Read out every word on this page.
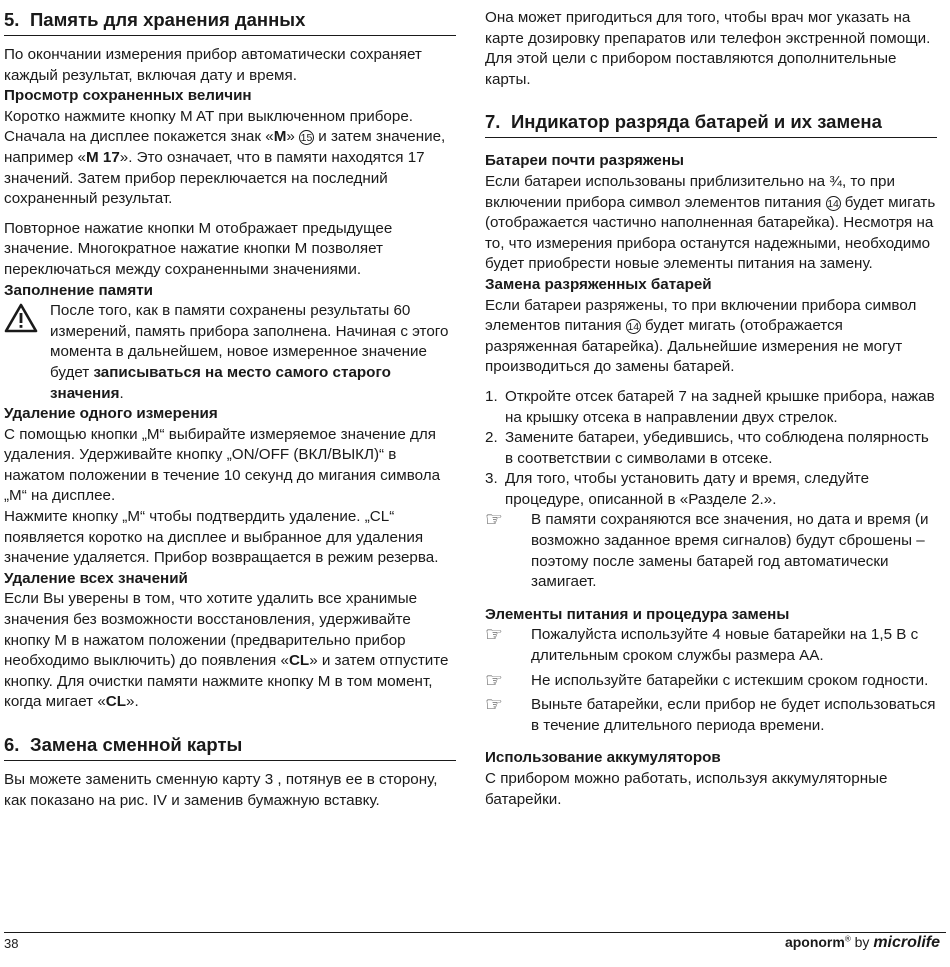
5. Память для хранения данных

По окончании измерения прибор автоматически сохраняет каждый результат, включая дату и время.

Просмотр сохраненных величин

Коротко нажмите кнопку M AT при выключенном приборе. Сначала на дисплее покажется знак «M» 15 и затем значение, например «M 17». Это означает, что в памяти находятся 17 значений. Затем прибор переключается на последний сохраненный результат.

Повторное нажатие кнопки М отображает предыдущее значение. Многократное нажатие кнопки М позволяет переключаться между сохраненными значениями.

Заполнение памяти

После того, как в памяти сохранены результаты 60 измерений, память прибора заполнена. Начиная с этого момента в дальнейшем, новое измеренное значение будет записываться на место самого старого значения.

Удаление одного измерения

С помощью кнопки „M“ выбирайте измеряемое значение для удаления. Удерживайте кнопку „ON/OFF (ВКЛ/ВЫКЛ)“ в нажатом положении в течение 10 секунд до мигания символа „M“ на дисплее.

Нажмите кнопку „M“ чтобы подтвердить удаление. „CL“ появляется коротко на дисплее и выбранное для удаления значение удаляется. Прибор возвращается в режим резерва.

Удаление всех значений

Если Вы уверены в том, что хотите удалить все хранимые значения без возможности восстановления, удерживайте кнопку М в нажатом положении (предварительно прибор необходимо выключить) до появления «CL» и затем отпустите кнопку. Для очистки памяти нажмите кнопку M в том момент, когда мигает «CL».

6. Замена сменной карты

Вы можете заменить сменную карту 3 , потянув ее в сторону, как показано на рис. IV и заменив бумажную вставку.

Она может пригодиться для того, чтобы врач мог указать на карте дозировку препаратов или телефон экстренной помощи. Для этой цели с прибором поставляются дополнительные карты.

7. Индикатор разряда батарей и их замена
Батареи почти разряжены

Если батареи использованы приблизительно на ¾, то при включении прибора символ элементов питания 14 будет мигать (отображается частично наполненная батарейка). Несмотря на то, что измерения прибора останутся надежными, необходимо будет приобрести новые элементы питания на замену.

Замена разряженных батарей

Если батареи разряжены, то при включении прибора символ элементов питания 14 будет мигать (отображается разряженная батарейка). Дальнейшие измерения не могут производиться до замены батарей.

1. Откройте отсек батарей 7 на задней крышке прибора, нажав на крышку отсека в направлении двух стрелок.
2. Замените батареи, убедившись, что соблюдена полярность в соответствии с символами в отсеке.
3. Для того, чтобы установить дату и время, следуйте процедуре, описанной в «Разделе 2.».
☞	В памяти сохраняются все значения, но дата и время (и возможно заданное время сигналов) будут сброшены – поэтому после замены батарей год автоматически замигает.

Элементы питания и процедура замены
☞	Пожалуйста используйте 4 новые батарейки на 1,5 В с длительным сроком службы размера AA.

☞	Не используйте батарейки с истекшим сроком годности.

☞	Выньте батарейки, если прибор не будет использоваться в течение длительного периода времени.

Использование аккумуляторов

С прибором можно работать, используя аккумуляторные батарейки.

38	aponorm® by microlife
